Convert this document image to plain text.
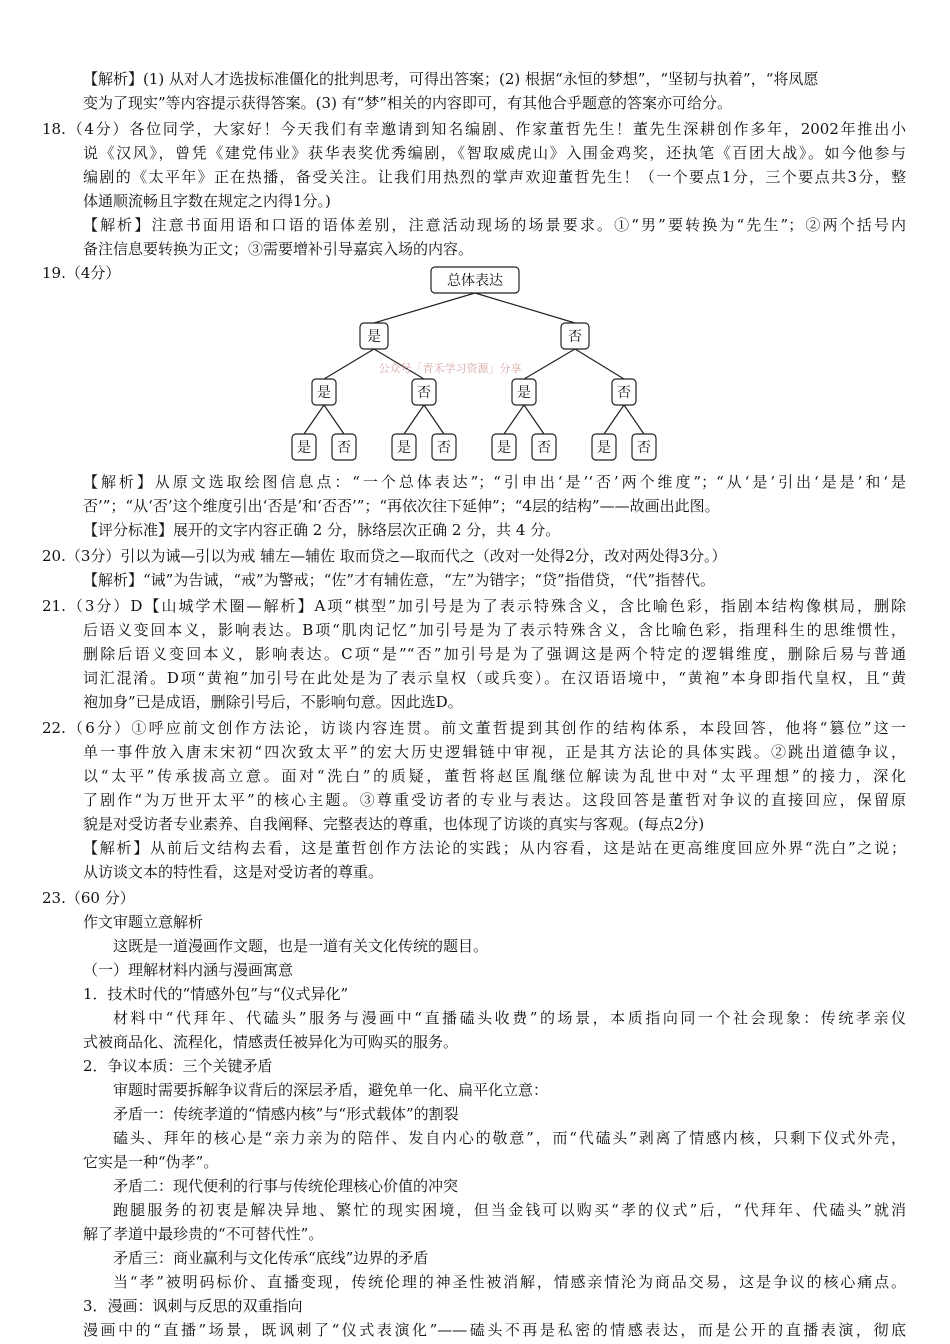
【解析】(1) 从对人才选拔标准僵化的批判思考，可得出答案；(2) 根据“永恒的梦想”，“坚韧与执着”，“将凤愿
变为了现实”等内容提示获得答案。(3) 有“梦”相关的内容即可，有其他合乎题意的答案亦可给分。
18.（4分）各位同学，大家好！今天我们有幸邀请到知名编剧、作家董哲先生！董先生深耕创作多年，2002年推出小
说《汉风》，曾凭《建党伟业》获华表奖优秀编剧，《智取威虎山》入围金鸡奖，还执笔《百团大战》。如今他参与
编剧的《太平年》正在热播，备受关注。让我们用热烈的掌声欢迎董哲先生！（一个要点1分，三个要点共3分，整
体通顺流畅且字数在规定之内得1分。)
【解析】注意书面用语和口语的语体差别，注意活动现场的场景要求。①“男”要转换为“先生”；②两个括号内
备注信息要转换为正文；③需要增补引导嘉宾入场的内容。
19.（4分）
【解析】从原文选取绘图信息点：“一个总体表达”；“引申出‘是’‘否’两个维度”；“从‘是’引出‘是是’和‘是
否’”；“从‘否’这个维度引出‘否是’和‘否否’”；“再依次往下延伸”；“4层的结构”——故画出此图。
【评分标准】展开的文字内容正确 2 分，脉络层次正确 2 分，共 4 分。
20.（3分）引以为诫—引以为戒 辅左—辅佐 取而贷之—取而代之（改对一处得2分，改对两处得3分。）
【解析】“诫”为告诫，“戒”为警戒；“佐”才有辅佐意，“左”为错字；“贷”指借贷，“代”指替代。
21.（3分）D【山城学术圈—解析】A项“棋型”加引号是为了表示特殊含义，含比喻色彩，指剧本结构像棋局，删除
后语义变回本义，影响表达。B项“肌肉记忆”加引号是为了表示特殊含义，含比喻色彩，指理科生的思维惯性，
删除后语义变回本义，影响表达。C项“是”“否”加引号是为了强调这是两个特定的逻辑维度，删除后易与普通
词汇混淆。D项“黄袍”加引号在此处是为了表示皇权（或兵变）。在汉语语境中，“黄袍”本身即指代皇权，且“黄
袍加身”已是成语，删除引号后，不影响句意。因此选D。
22.（6分）①呼应前文创作方法论，访谈内容连贯。前文董哲提到其创作的结构体系，本段回答，他将“篡位”这一
单一事件放入唐末宋初“四次致太平”的宏大历史逻辑链中审视，正是其方法论的具体实践。②跳出道德争议，
以“太平”传承拔高立意。面对“洗白”的质疑，董哲将赵匡胤继位解读为乱世中对“太平理想”的接力，深化
了剧作“为万世开太平”的核心主题。③尊重受访者的专业与表达。这段回答是董哲对争议的直接回应，保留原
貌是对受访者专业素养、自我阐释、完整表达的尊重，也体现了访谈的真实与客观。(每点2分)
【解析】从前后文结构去看，这是董哲创作方法论的实践；从内容看，这是站在更高维度回应外界“洗白”之说；
从访谈文本的特性看，这是对受访者的尊重。
23.（60 分）
作文审题立意解析
这既是一道漫画作文题，也是一道有关文化传统的题目。
（一）理解材料内涵与漫画寓意
1．技术时代的“情感外包”与“仪式异化”
材料中“代拜年、代磕头”服务与漫画中“直播磕头收费”的场景，本质指向同一个社会现象：传统孝亲仪
式被商品化、流程化，情感责任被异化为可购买的服务。
2．争议本质：三个关键矛盾
审题时需要拆解争议背后的深层矛盾，避免单一化、扁平化立意：
矛盾一：传统孝道的“情感内核”与“形式载体”的割裂
磕头、拜年的核心是“亲力亲为的陪伴、发自内心的敬意”，而“代磕头”剥离了情感内核，只剩下仪式外壳，
它实是一种“伪孝”。
矛盾二：现代便利的行事与传统伦理核心价值的冲突
跑腿服务的初衷是解决异地、繁忙的现实困境，但当金钱可以购买“孝的仪式”后，“代拜年、代磕头”就消
解了孝道中最珍贵的“不可替代性”。
矛盾三：商业赢利与文化传承“底线”边界的矛盾
当“孝”被明码标价、直播变现，传统伦理的神圣性被消解，情感亲情沦为商品交易，这是争议的核心痛点。
总体表达
是	否
是	否	是	否
是 否	是 否	是 否	是 否
公众号「青禾学习资源」分享
3．漫画：讽刺与反思的双重指向
漫画中的“直播”场景，既讽刺了“仪式表演化”——磕头不再是私密的情感表达，而是公开的直播表演，彻底
